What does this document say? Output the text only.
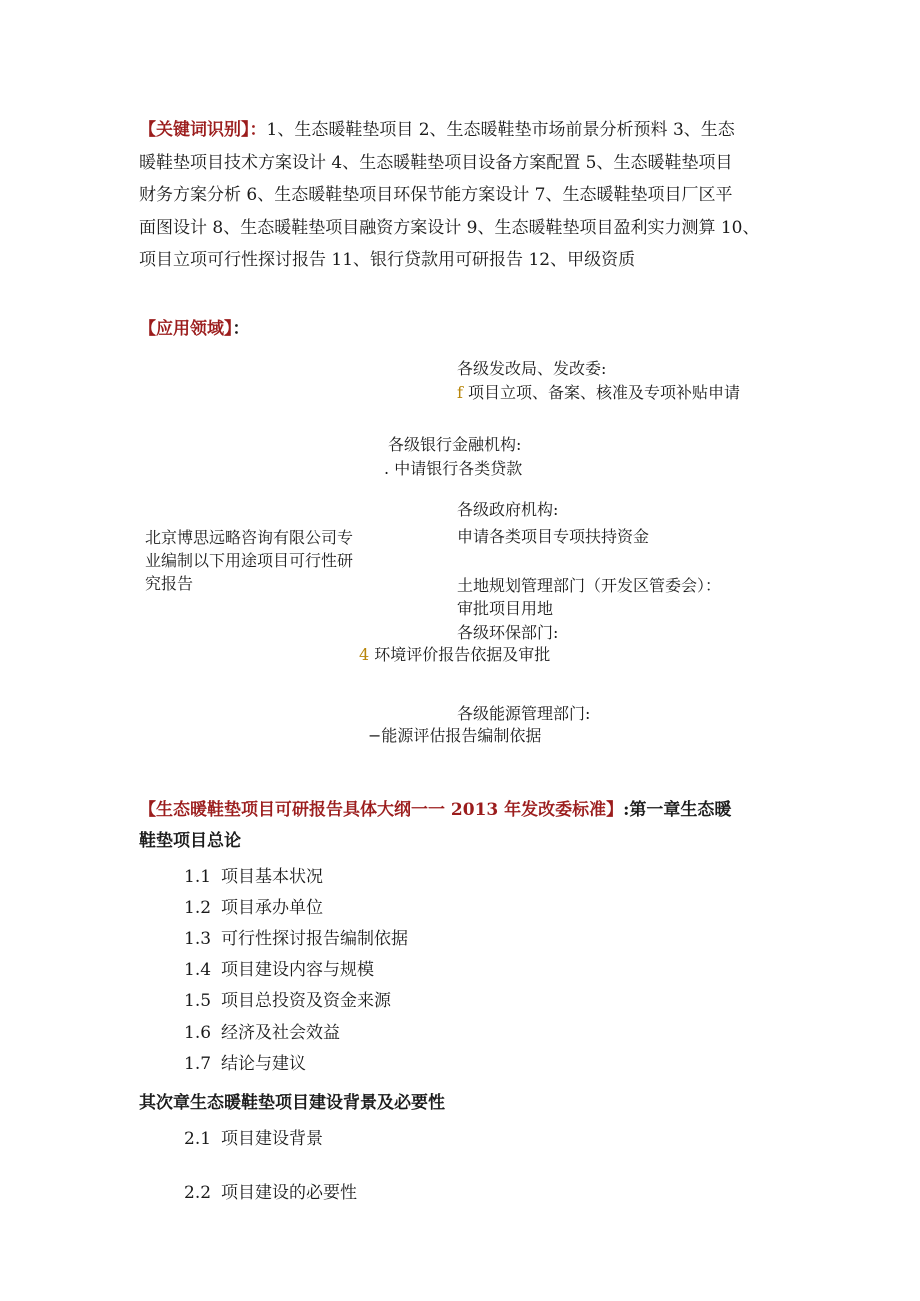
【关键词识别】：1、生态暖鞋垫项目 2、生态暖鞋垫市场前景分析预料 3、生态
暖鞋垫项目技术方案设计 4、生态暖鞋垫项目设备方案配置 5、生态暖鞋垫项目
财务方案分析 6、生态暖鞋垫项目环保节能方案设计 7、生态暖鞋垫项目厂区平
面图设计 8、生态暖鞋垫项目融资方案设计 9、生态暖鞋垫项目盈利实力测算 10、
项目立项可行性探讨报告 11、银行贷款用可研报告 12、甲级资质
【应用领域】：
北京博思远略咨询有限公司专业编制以下用途项目可行性研究报告
各级发改局、发改委:
f 项目立项、备案、核准及专项补贴申请
各级银行金融机构:
. 中请银行各类贷款
各级政府机构:
申请各类项目专项扶持资金
土地规划管理部门（开发区管委会）：
审批项目用地
各级环保部门:
4 环境评价报告依据及审批
各级能源管理部门:
−能源评估报告编制依据
【生态暖鞋垫项目可研报告具体大纲一一 2013 年发改委标准】:第一章生态暖
鞋垫项目总论
1.1 项目基本状况
1.2 项目承办单位
1.3 可行性探讨报告编制依据
1.4 项目建设内容与规模
1.5 项目总投资及资金来源
1.6 经济及社会效益
1.7 结论与建议
其次章生态暖鞋垫项目建设背景及必要性
2.1 项目建设背景
2.2 项目建设的必要性
